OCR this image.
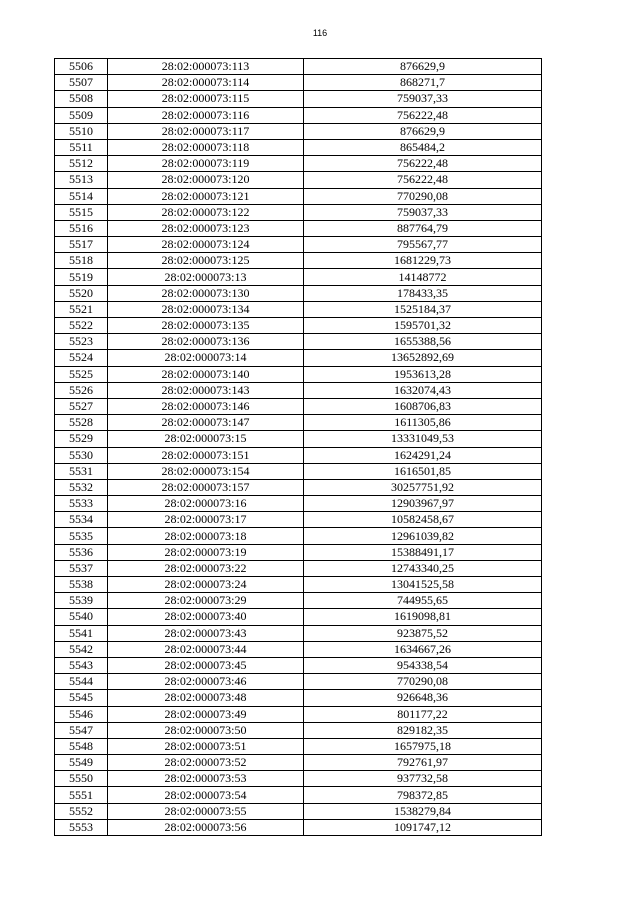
116
5506	28:02:000073:113	876629,9
5507	28:02:000073:114	868271,7
5508	28:02:000073:115	759037,33
5509	28:02:000073:116	756222,48
5510	28:02:000073:117	876629,9
5511	28:02:000073:118	865484,2
5512	28:02:000073:119	756222,48
5513	28:02:000073:120	756222,48
5514	28:02:000073:121	770290,08
5515	28:02:000073:122	759037,33
5516	28:02:000073:123	887764,79
5517	28:02:000073:124	795567,77
5518	28:02:000073:125	1681229,73
5519	28:02:000073:13	14148772
5520	28:02:000073:130	178433,35
5521	28:02:000073:134	1525184,37
5522	28:02:000073:135	1595701,32
5523	28:02:000073:136	1655388,56
5524	28:02:000073:14	13652892,69
5525	28:02:000073:140	1953613,28
5526	28:02:000073:143	1632074,43
5527	28:02:000073:146	1608706,83
5528	28:02:000073:147	1611305,86
5529	28:02:000073:15	13331049,53
5530	28:02:000073:151	1624291,24
5531	28:02:000073:154	1616501,85
5532	28:02:000073:157	30257751,92
5533	28:02:000073:16	12903967,97
5534	28:02:000073:17	10582458,67
5535	28:02:000073:18	12961039,82
5536	28:02:000073:19	15388491,17
5537	28:02:000073:22	12743340,25
5538	28:02:000073:24	13041525,58
5539	28:02:000073:29	744955,65
5540	28:02:000073:40	1619098,81
5541	28:02:000073:43	923875,52
5542	28:02:000073:44	1634667,26
5543	28:02:000073:45	954338,54
5544	28:02:000073:46	770290,08
5545	28:02:000073:48	926648,36
5546	28:02:000073:49	801177,22
5547	28:02:000073:50	829182,35
5548	28:02:000073:51	1657975,18
5549	28:02:000073:52	792761,97
5550	28:02:000073:53	937732,58
5551	28:02:000073:54	798372,85
5552	28:02:000073:55	1538279,84
5553	28:02:000073:56	1091747,12
